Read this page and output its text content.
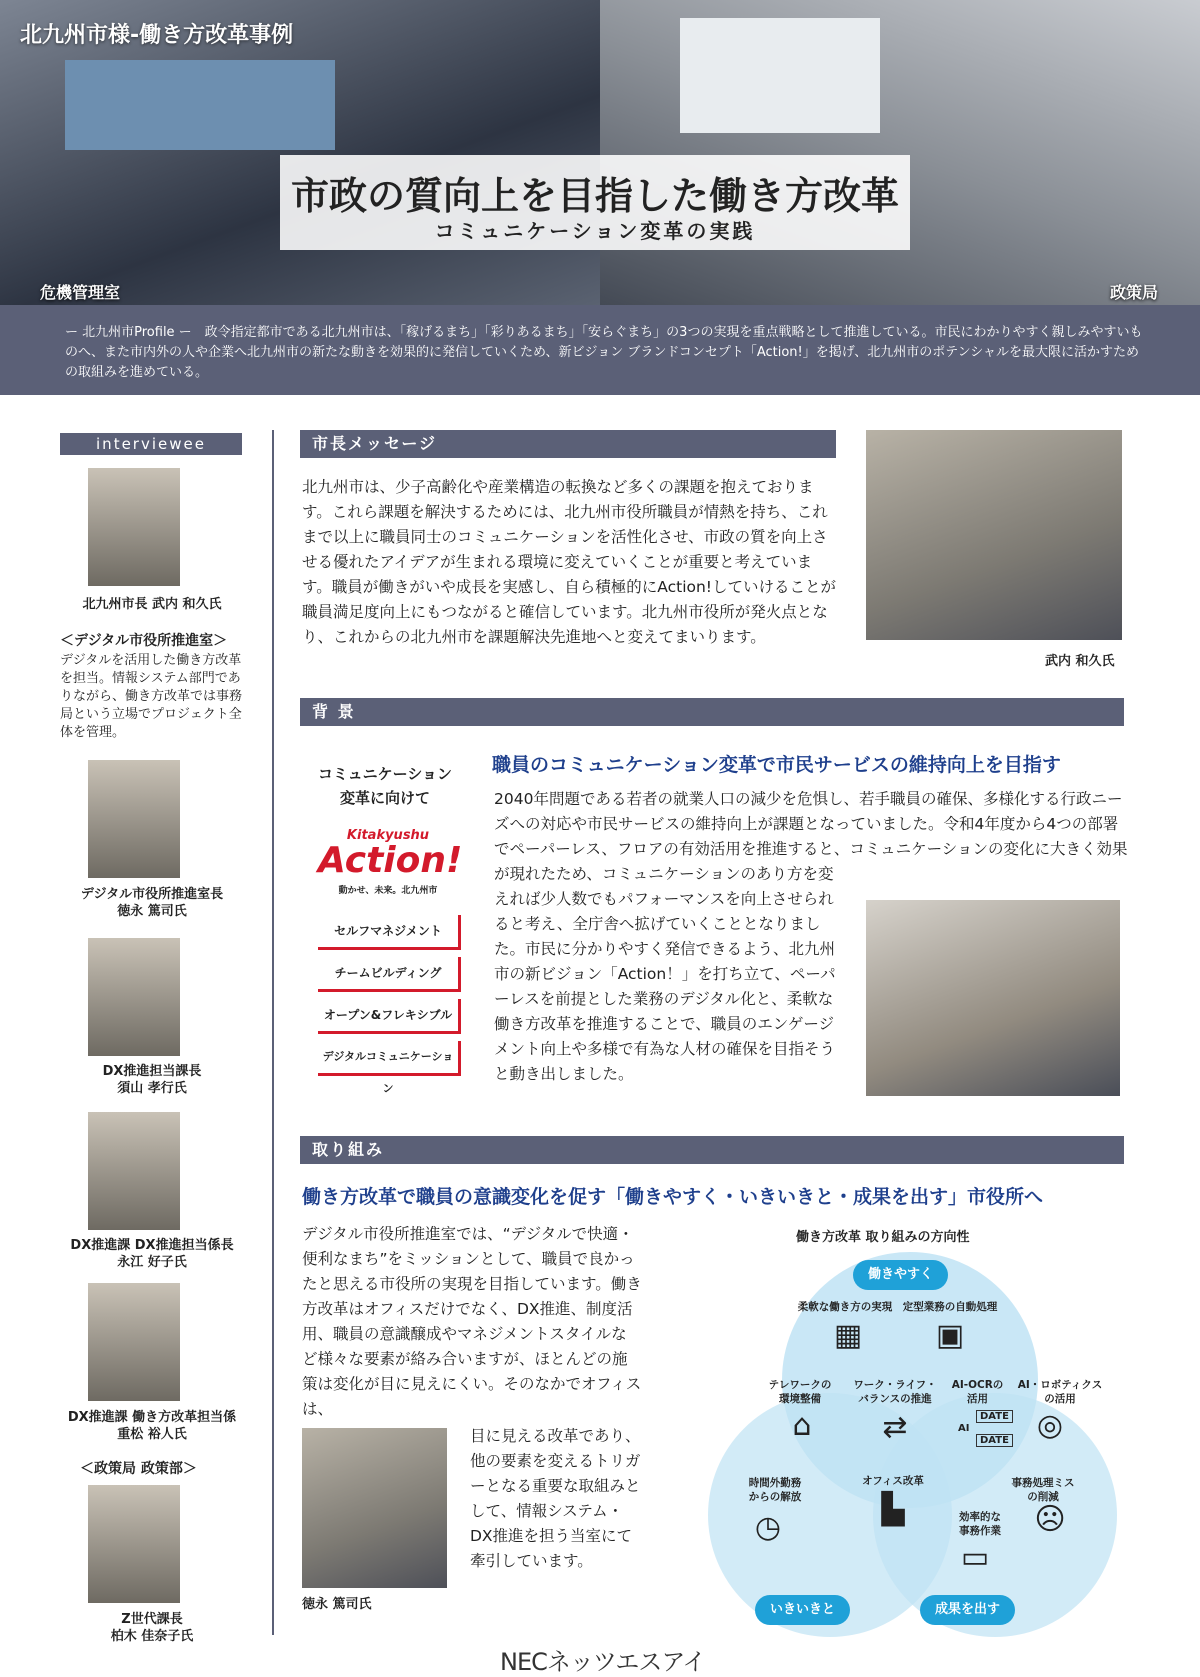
北九州市様-働き方改革事例
市政の質向上を目指した働き方改革
コミュニケーション変革の実践
危機管理室	政策局
ー 北九州市Profile ー　政令指定都市である北九州市は、「稼げるまち」「彩りあるまち」「安らぐまち」の3つの実現を重点戦略として推進している。市民にわかりやすく親しみやすいものへ、また市内外の人や企業へ北九州市の新たな動きを効果的に発信していくため、新ビジョン ブランドコンセプト「Action!」を掲げ、北九州市のポテンシャルを最大限に活かすための取組みを進めている。
interviewee
北九州市長 武内 和久氏
＜デジタル市役所推進室＞
デジタルを活用した働き方改革を担当。情報システム部門でありながら、働き方改革では事務局という立場でプロジェクト全体を管理。
デジタル市役所推進室長
徳永 篤司氏
DX推進担当課長
須山 孝行氏
DX推進課 DX推進担当係長
永江 好子氏
DX推進課 働き方改革担当係
重松 裕人氏
＜政策局 政策部＞
Z世代課長
柏木 佳奈子氏
市長メッセージ
北九州市は、少子高齢化や産業構造の転換など多くの課題を抱えております。これら課題を解決するためには、北九州市役所職員が情熱を持ち、これまで以上に職員同士のコミュニケーションを活性化させ、市政の質を向上させる優れたアイデアが生まれる環境に変えていくことが重要と考えています。職員が働きがいや成長を実感し、自ら積極的にAction!していけることが 職員満足度向上にもつながると確信しています。北九州市役所が発火点となり、これからの北九州市を課題解決先進地へと変えてまいります。
武内 和久氏
背 景
コミュニケーション
変革に向けて
Kitakyushu
Action!
動かせ、未来。北九州市
セルフマネジメント
チームビルディング
オープン&フレキシブル
デジタルコミュニケーション
職員のコミュニケーション変革で市民サービスの維持向上を目指す
2040年問題である若者の就業人口の減少を危惧し、若手職員の確保、多様化する行政ニーズへの対応や市民サービスの維持向上が課題となっていました。令和4年度から4つの部署でペーパーレス、フロアの有効活用を推進すると、コミュニケーションの変化に大きく効果が現れたため、コミュニケーションのあり方を変
えれば少人数でもパフォーマンスを向上させられると考え、全庁舎へ拡げていくこととなりました。市民に分かりやすく発信できるよう、北九州市の新ビジョン「Action！」を打ち立て、ペーパーレスを前提とした業務のデジタル化と、柔軟な働き方改革を推進することで、職員のエンゲージメント向上や多様で有為な人材の確保を目指そうと動き出しました。
取り組み
働き方改革で職員の意識変化を促す「働きやすく・いきいきと・成果を出す」市役所へ
デジタル市役所推進室では、“デジタルで快適・便利なまち”をミッションとして、職員で良かったと思える市役所の実現を目指しています。働き方改革はオフィスだけでなく、DX推進、制度活用、職員の意識醸成やマネジメントスタイルなど様々な要素が絡み合いますが、ほとんどの施策は変化が目に見えにくい。そのなかでオフィスは、
目に見える改革であり、他の要素を変えるトリガーとなる重要な取組みとして、情報システム・DX推進を担う当室にて牽引しています。
徳永 篤司氏
働き方改革 取り組みの方向性
働きやすく
いきいきと	成果を出す
柔軟な働き方の実現	定型業務の自動処理
▦	▣
テレワークの
環境整備
ワーク・ライフ・
バランスの推進
AI-OCRの
活用
AI・ロボティクス
の活用
⌂	⇄	DATE
AI
DATE ◎
時間外勤務
からの解放
オフィス改革	事務処理ミス
の削減
効率的な
事務作業
◷
▙	☹
▭
NECネッツエスアイ
